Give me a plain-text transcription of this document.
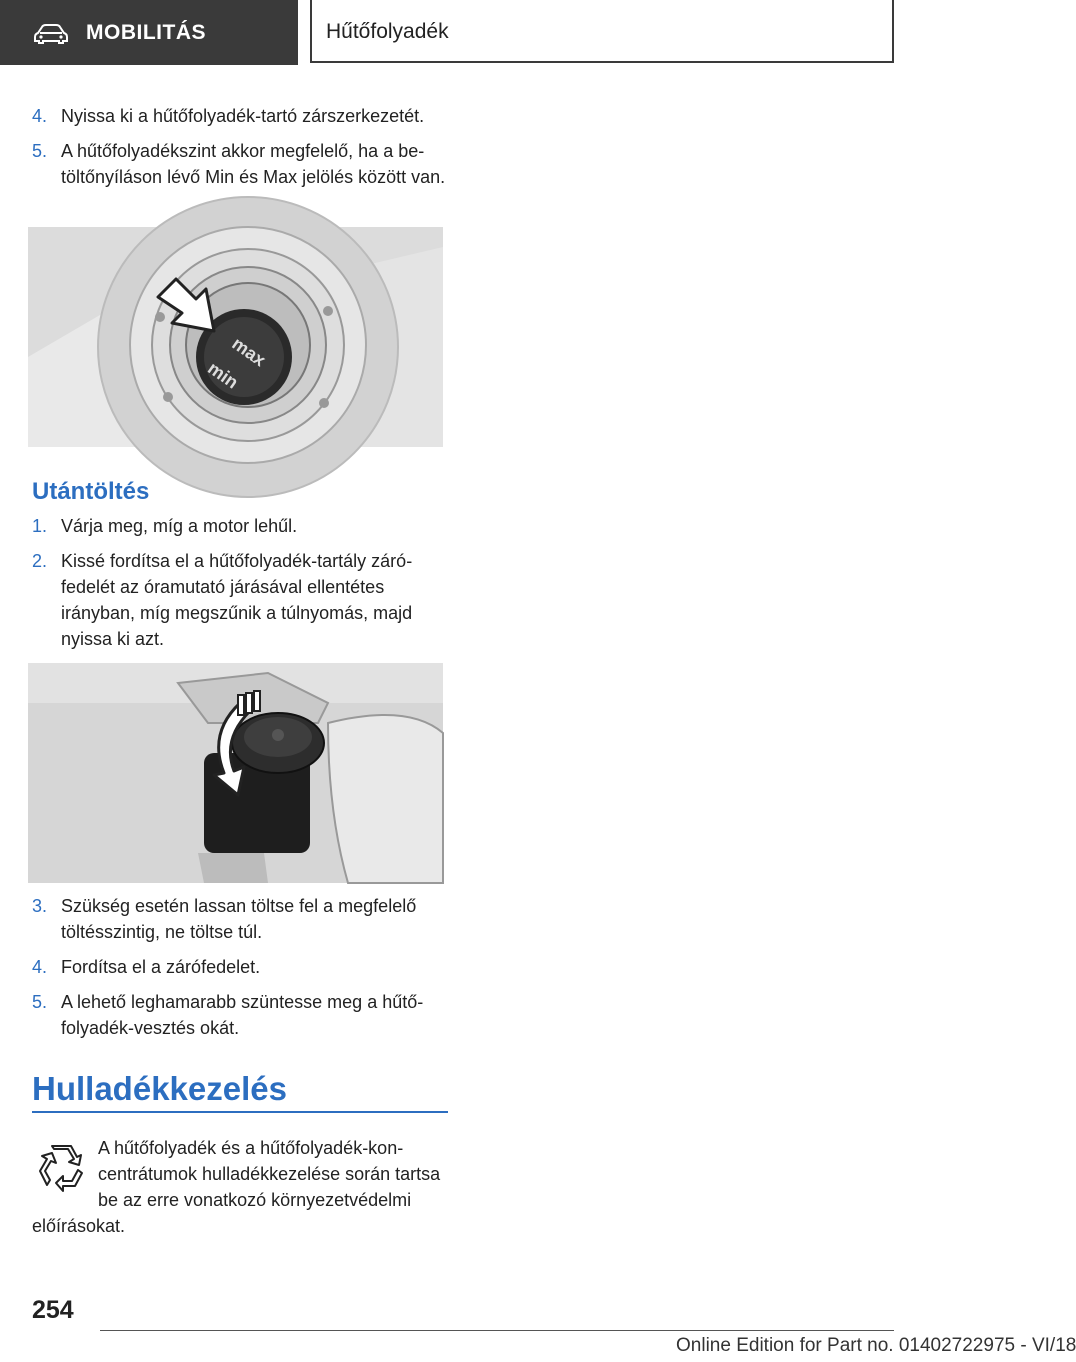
MOBILITÁS	Hűtőfolyadék
4. Nyissa ki a hűtőfolyadék-tartó zárszerkezetét.
5. A hűtőfolyadékszint akkor megfelelő, ha a betöltőnyíláson lévő Min és Max jelölés között van.
max
min
Utántöltés
1. Várja meg, míg a motor lehűl.
2. Kissé fordítsa el a hűtőfolyadék-tartály zárófedelét az óramutató járásával ellentétes irányban, míg megszűnik a túlnyomás, majd nyissa ki azt.
3. Szükség esetén lassan töltse fel a megfelelő töltésszintig, ne töltse túl.
4. Fordítsa el a zárófedelet.
5. A lehető leghamarabb szüntesse meg a hűtőfolyadék-vesztés okát.
Hulladékkezelés
A hűtőfolyadék és a hűtőfolyadék-koncentrátumok hulladékkezelése során tartsa be az erre vonatkozó környezetvédelmi előírásokat.
254
Online Edition for Part no. 01402722975 - VI/18
